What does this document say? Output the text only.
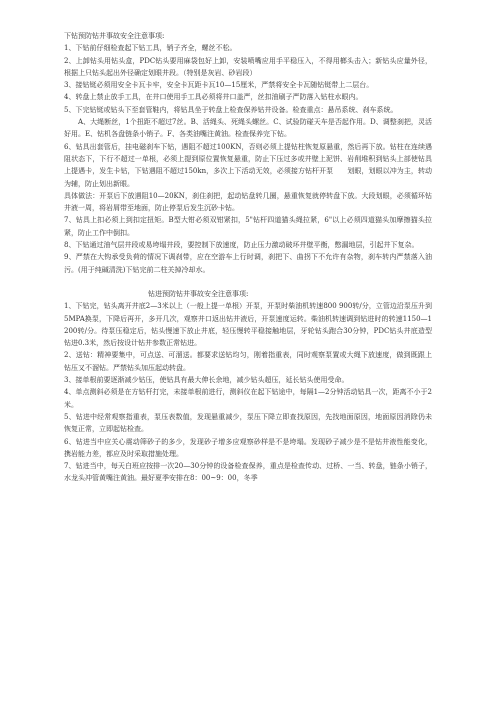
下钻预防钻井事故安全注意事项:

1、下钻前仔细检查起下钻工具，销子齐全，螺丝不松。

2、上卸钻头用钻头盒，PDC钻头要用麻袋包好上卸，安装喷嘴应用手平稳压入，不得用榔头击入；新钻头应量外径，根据上只钻头起出外径确定划眼井段。（特别是灰岩、砂岩段）

3、接钻铤必须用安全卡瓦卡牢，安全卡瓦距卡瓦10—15厘米，严禁将安全卡瓦随钻铤带上二层台。

4、转盘上禁止放手工具，在井口使用手工具必须将井口盖严，丝扣油刷子严防落入钻柱水眼内。

5、下完钻铤或钻头下至套管鞋内，将钻具坐于转盘上检查保养钻井设备。检查重点：悬吊系统、刹车系统。

A、大绳断丝，1个扭距不超过7丝。B、活绳头、死绳头螺丝。C、试验防碰天车是否起作用。D、调整刹把，灵活好用。E、钻机各盘链条小销子。F、各类油嘴注黄油。检查保养完下钻。

6、钻具出套管后，挂电磁刹车下钻，遇阻不超过100KN，否则必须上提钻柱恢复原悬重，然后再下放。钻柱在连续遇阻状态下，下行不超过一单根，必须上提到原位置恢复悬重，防止下压过多或井壁上泥饼、岩削堆积到钻头上部使钻具上提遇卡，发生卡钻，下钻遇阻不超过150kn，多次上下活动无效，必须接方钻杆开泵　　划眼，划眼以冲为主，转动为辅，防止划出新眼。

具体做法：开泵后下放遇阻10—20KN，刹住刹把，起动钻盘转几圈，悬重恢复就停转盘下放。大段划眼，必须循环钻井液一周，将岩屑带至地面，防止停泵后发生沉砂卡钻。

7、钻具上扣必须上到扣定扭矩。B型大钳必须双钳紧扣，5"钻杆四道猫头绳拉紧，6"以上必须四道猫头加摩擦猫头拉紧，防止工作中倒扣。

8、下钻通过油气层井段或易垮塌井段，要控制下放速度，防止压力激动破坏井壁平衡，憋漏地层，引起井下复杂。

9、严禁在大钩承受负荷的情况下调刹带，应在空游车上行时调，刹把下、曲拐下不允许有杂物，刹车转内严禁落入油污。(用于纯碱清洗)下钻完前二柱关掉冷却水。

钻进预防钻井事故安全注意事项:

1、下钻完，钻头离开井底2—3米以上（一般上提一单根）开泵，开泵时柴油机转速800 900转/分，立管边沿泵压升到5MPA换泵，下降后再开，多开几次，观察井口返出钻井液后，开泵速度运转。柴油机转速调到钻进时的转速1150—1200转/分。待泵压稳定后，钻头慢速下放止井底，轻压慢转平稳接触地层，牙轮钻头跑合30分钟，PDC钻头井底造型钻进0.3米，然后按设计钻井参数正常钻进。

2、送钻：精神要集中，可点送、可溜送。都要求送钻均匀，刚着指重表，同时观察泵置或大绳下放速度，做到既跟上钻压又不溜钻。严禁钻头加压起动转盘。

3、接单根前要逐渐减少钻压，使钻具有最大伸长余地，减少钻头超压，延长钻头使用受命。

4、单点测斜必须是在方钻杆打完，未接单根前进行，测斜仪在起下钻途中，每隔1—2分钟活动钻具一次，距离不小于2米。

5、钻进中经常观察指重表，泵压表数值，发现悬重减少，泵压下降立即查找原因，先找地面原因，地面原因消除仍未恢复正常，立即起钻检查。

6、钻进当中应关心震动筛砂子的多少，发现砂子增多应观察砂样是不是垮塌。发现砂子减少是不是钻井液性能变化，携岩能力差，都应及时采取措施处理。

7、钻进当中，每天白班应按排一次20—30分钟的设备检查保养，重点是检查传动、过桥、一当、转盘，链条小销子，水龙头冲管黄嘴注黄油。最好夏季安排在8：00~9：00，冬季
